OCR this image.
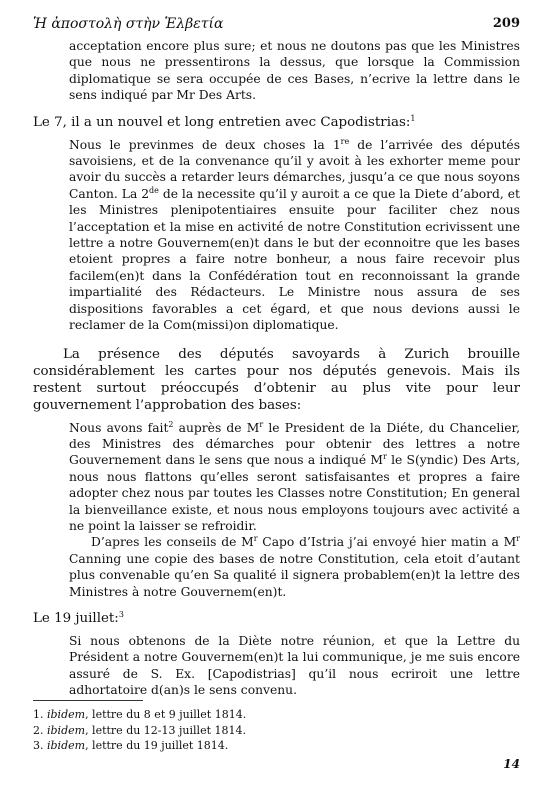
Ἡ ἀποστολὴ στὴν Ἑλβετία	209

acceptation encore plus sure; et nous ne doutons pas que les Ministres que nous ne pressentirons la dessus, que lorsque la Commission diplomatique se sera occupée de ces Bases, n’ecrive la lettre dans le sens indiqué par Mr Des Arts.

Le 7, il a un nouvel et long entretien avec Capodistrias:$^1$

Nous le previnmes de deux choses la 1re de l’arrivée des députés savoisiens, et de la convenance qu’il y avoit à les exhorter meme pour avoir du succès a retarder leurs démarches, jusqu’a ce que nous soyons Canton. La 2de de la necessite qu’il y auroit a ce que la Diete d’abord, et les Ministres plenipotentiaires ensuite pour faciliter chez nous l’acceptation et la mise en activité de notre Constitution ecrivissent une lettre a notre Gouvernem(en)t dans le but der econnoitre que les bases etoient propres a faire notre bonheur, a nous faire recevoir plus facilem(en)t dans la Confédération tout en reconnoissant la grande impartialité des Rédacteurs. Le Ministre nous assura de ses dispositions favorables a cet égard, et que nous devions aussi le reclamer de la Com(missi)on diplomatique.

La présence des députés savoyards à Zurich brouille considérablement les cartes pour nos députés genevois. Mais ils restent surtout préoccupés d’obtenir au plus vite pour leur gouvernement l’approbation des bases:

Nous avons fait$^2$ auprès de $M^r$ le President de la Diéte, du Chancelier, des Ministres des démarches pour obtenir des lettres a notre Gouvernement dans le sens que nous a indiqué $M^r$ le S(yndic) Des Arts, nous nous flattons qu’elles seront satisfaisantes et propres a faire adopter chez nous par toutes les Classes notre Constitution; En general la bienveillance existe, et nous nous employons toujours avec activité a ne point la laisser se refroidir.

D’apres les conseils de $M^r$ Capo d’Istria j’ai envoyé hier matin a $M^r$ Canning une copie des bases de notre Constitution, cela etoit d’autant plus convenable qu’en Sa qualité il signera probablem(en)t la lettre des Ministres à notre Gouvernem(en)t.

Le 19 juillet:$^3$

Si nous obtenons de la Diète notre réunion, et que la Lettre du Président a notre Gouvernem(en)t la lui communique, je me suis encore assuré de S. Ex. [Capodistrias] qu’il nous ecriroit une lettre adhortatoire d(an)s le sens convenu.

1. ibidem, lettre du 8 et 9 juillet 1814.
2. ibidem, lettre du 12-13 juillet 1814.
3. ibidem, lettre du 19 juillet 1814.
14
